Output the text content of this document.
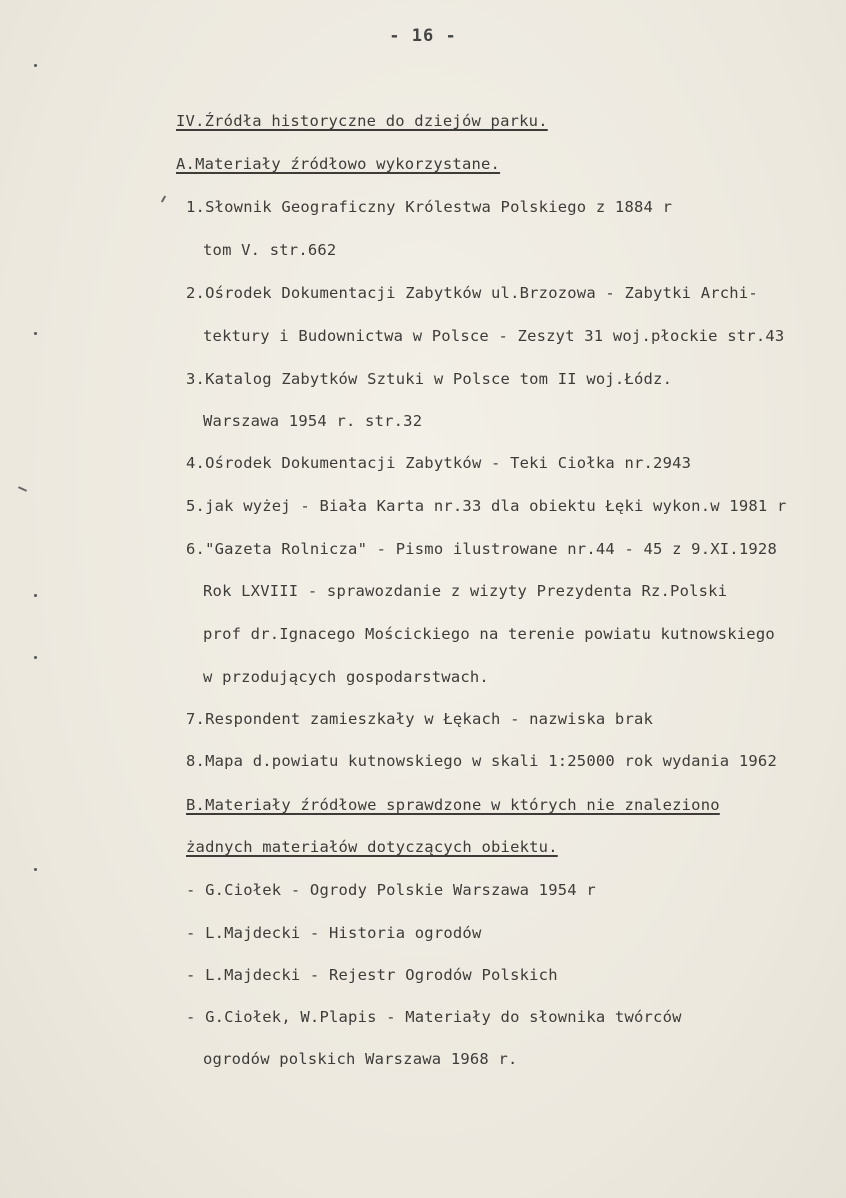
- 16 -
IV.Źródła historyczne do dziejów parku.
A.Materiały źródłowo wykorzystane.
1.Słownik Geograficzny Królestwa Polskiego z 1884 r
tom V. str.662
2.Ośrodek Dokumentacji Zabytków ul.Brzozowa - Zabytki Archi-
tektury i Budownictwa w Polsce - Zeszyt 31 woj.płockie str.43
3.Katalog Zabytków Sztuki w Polsce tom II woj.Łódz.
Warszawa 1954 r. str.32
4.Ośrodek Dokumentacji Zabytków - Teki Ciołka nr.2943
5.jak wyżej - Biała Karta nr.33 dla obiektu Łęki wykon.w 1981 r
6."Gazeta Rolnicza" - Pismo ilustrowane nr.44 - 45 z 9.XI.1928
Rok LXVIII - sprawozdanie z wizyty Prezydenta Rz.Polski
prof dr.Ignacego Mościckiego na terenie powiatu kutnowskiego
w przodujących gospodarstwach.
7.Respondent zamieszkały w Łękach - nazwiska brak
8.Mapa d.powiatu kutnowskiego w skali 1:25000 rok wydania 1962
B.Materiały źródłowe sprawdzone w których nie znaleziono
żadnych materiałów dotyczących obiektu.
- G.Ciołek - Ogrody Polskie Warszawa 1954 r
- L.Majdecki - Historia ogrodów
- L.Majdecki - Rejestr Ogrodów Polskich
- G.Ciołek, W.Plapis - Materiały do słownika twórców
ogrodów polskich Warszawa 1968 r.
